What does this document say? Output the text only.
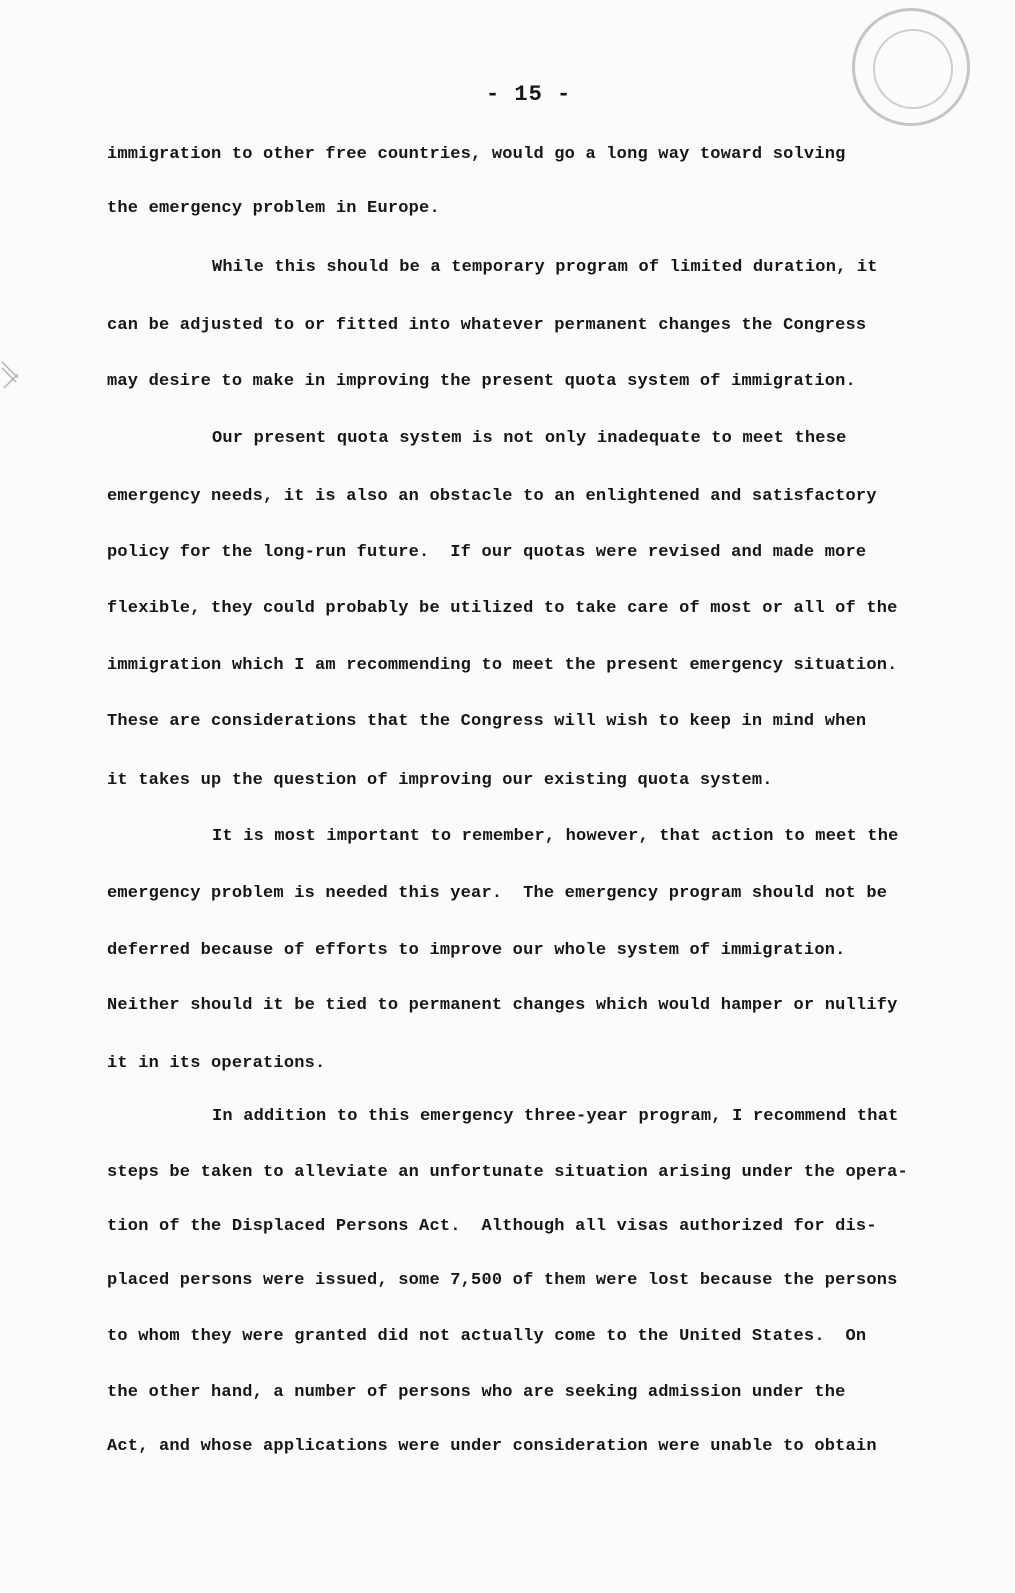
- 15 -
immigration to other free countries, would go a long way toward solving
the emergency problem in Europe.
While this should be a temporary program of limited duration, it
can be adjusted to or fitted into whatever permanent changes the Congress
may desire to make in improving the present quota system of immigration.
Our present quota system is not only inadequate to meet these
emergency needs, it is also an obstacle to an enlightened and satisfactory
policy for the long-run future.  If our quotas were revised and made more
flexible, they could probably be utilized to take care of most or all of the
immigration which I am recommending to meet the present emergency situation.
These are considerations that the Congress will wish to keep in mind when
it takes up the question of improving our existing quota system.
It is most important to remember, however, that action to meet the
emergency problem is needed this year.  The emergency program should not be
deferred because of efforts to improve our whole system of immigration.
Neither should it be tied to permanent changes which would hamper or nullify
it in its operations.
In addition to this emergency three-year program, I recommend that
steps be taken to alleviate an unfortunate situation arising under the opera-
tion of the Displaced Persons Act.  Although all visas authorized for dis-
placed persons were issued, some 7,500 of them were lost because the persons
to whom they were granted did not actually come to the United States.  On
the other hand, a number of persons who are seeking admission under the
Act, and whose applications were under consideration were unable to obtain
